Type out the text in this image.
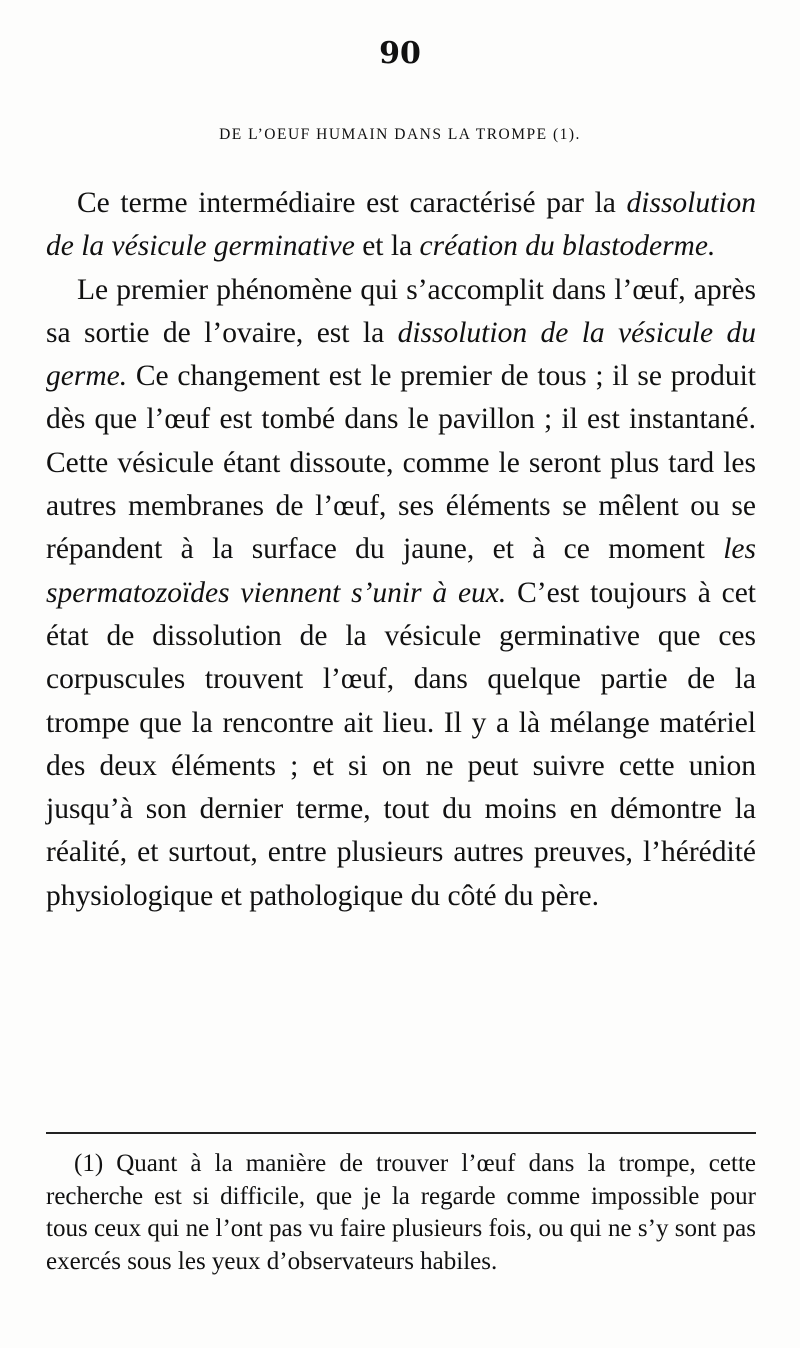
90
DE L’OEUF HUMAIN DANS LA TROMPE (1).

Ce terme intermédiaire est caractérisé par la dissolution de la vésicule germinative et la création du blastoderme.

Le premier phénomène qui s’accomplit dans l’œuf, après sa sortie de l’ovaire, est la dissolution de la vésicule du germe. Ce changement est le premier de tous ; il se produit dès que l’œuf est tombé dans le pavillon ; il est instantané. Cette vésicule étant dissoute, comme le seront plus tard les autres membranes de l’œuf, ses éléments se mêlent ou se répandent à la surface du jaune, et à ce moment les spermatozoïdes viennent s’unir à eux. C’est toujours à cet état de dissolution de la vésicule germinative que ces corpuscules trouvent l’œuf, dans quelque partie de la trompe que la rencontre ait lieu. Il y a là mélange matériel des deux éléments ; et si on ne peut suivre cette union jusqu’à son dernier terme, tout du moins en démontre la réalité, et surtout, entre plusieurs autres preuves, l’hérédité physiologique et pathologique du côté du père.

(1) Quant à la manière de trouver l’œuf dans la trompe, cette recherche est si difficile, que je la regarde comme impossible pour tous ceux qui ne l’ont pas vu faire plusieurs fois, ou qui ne s’y sont pas exercés sous les yeux d’observateurs habiles.
